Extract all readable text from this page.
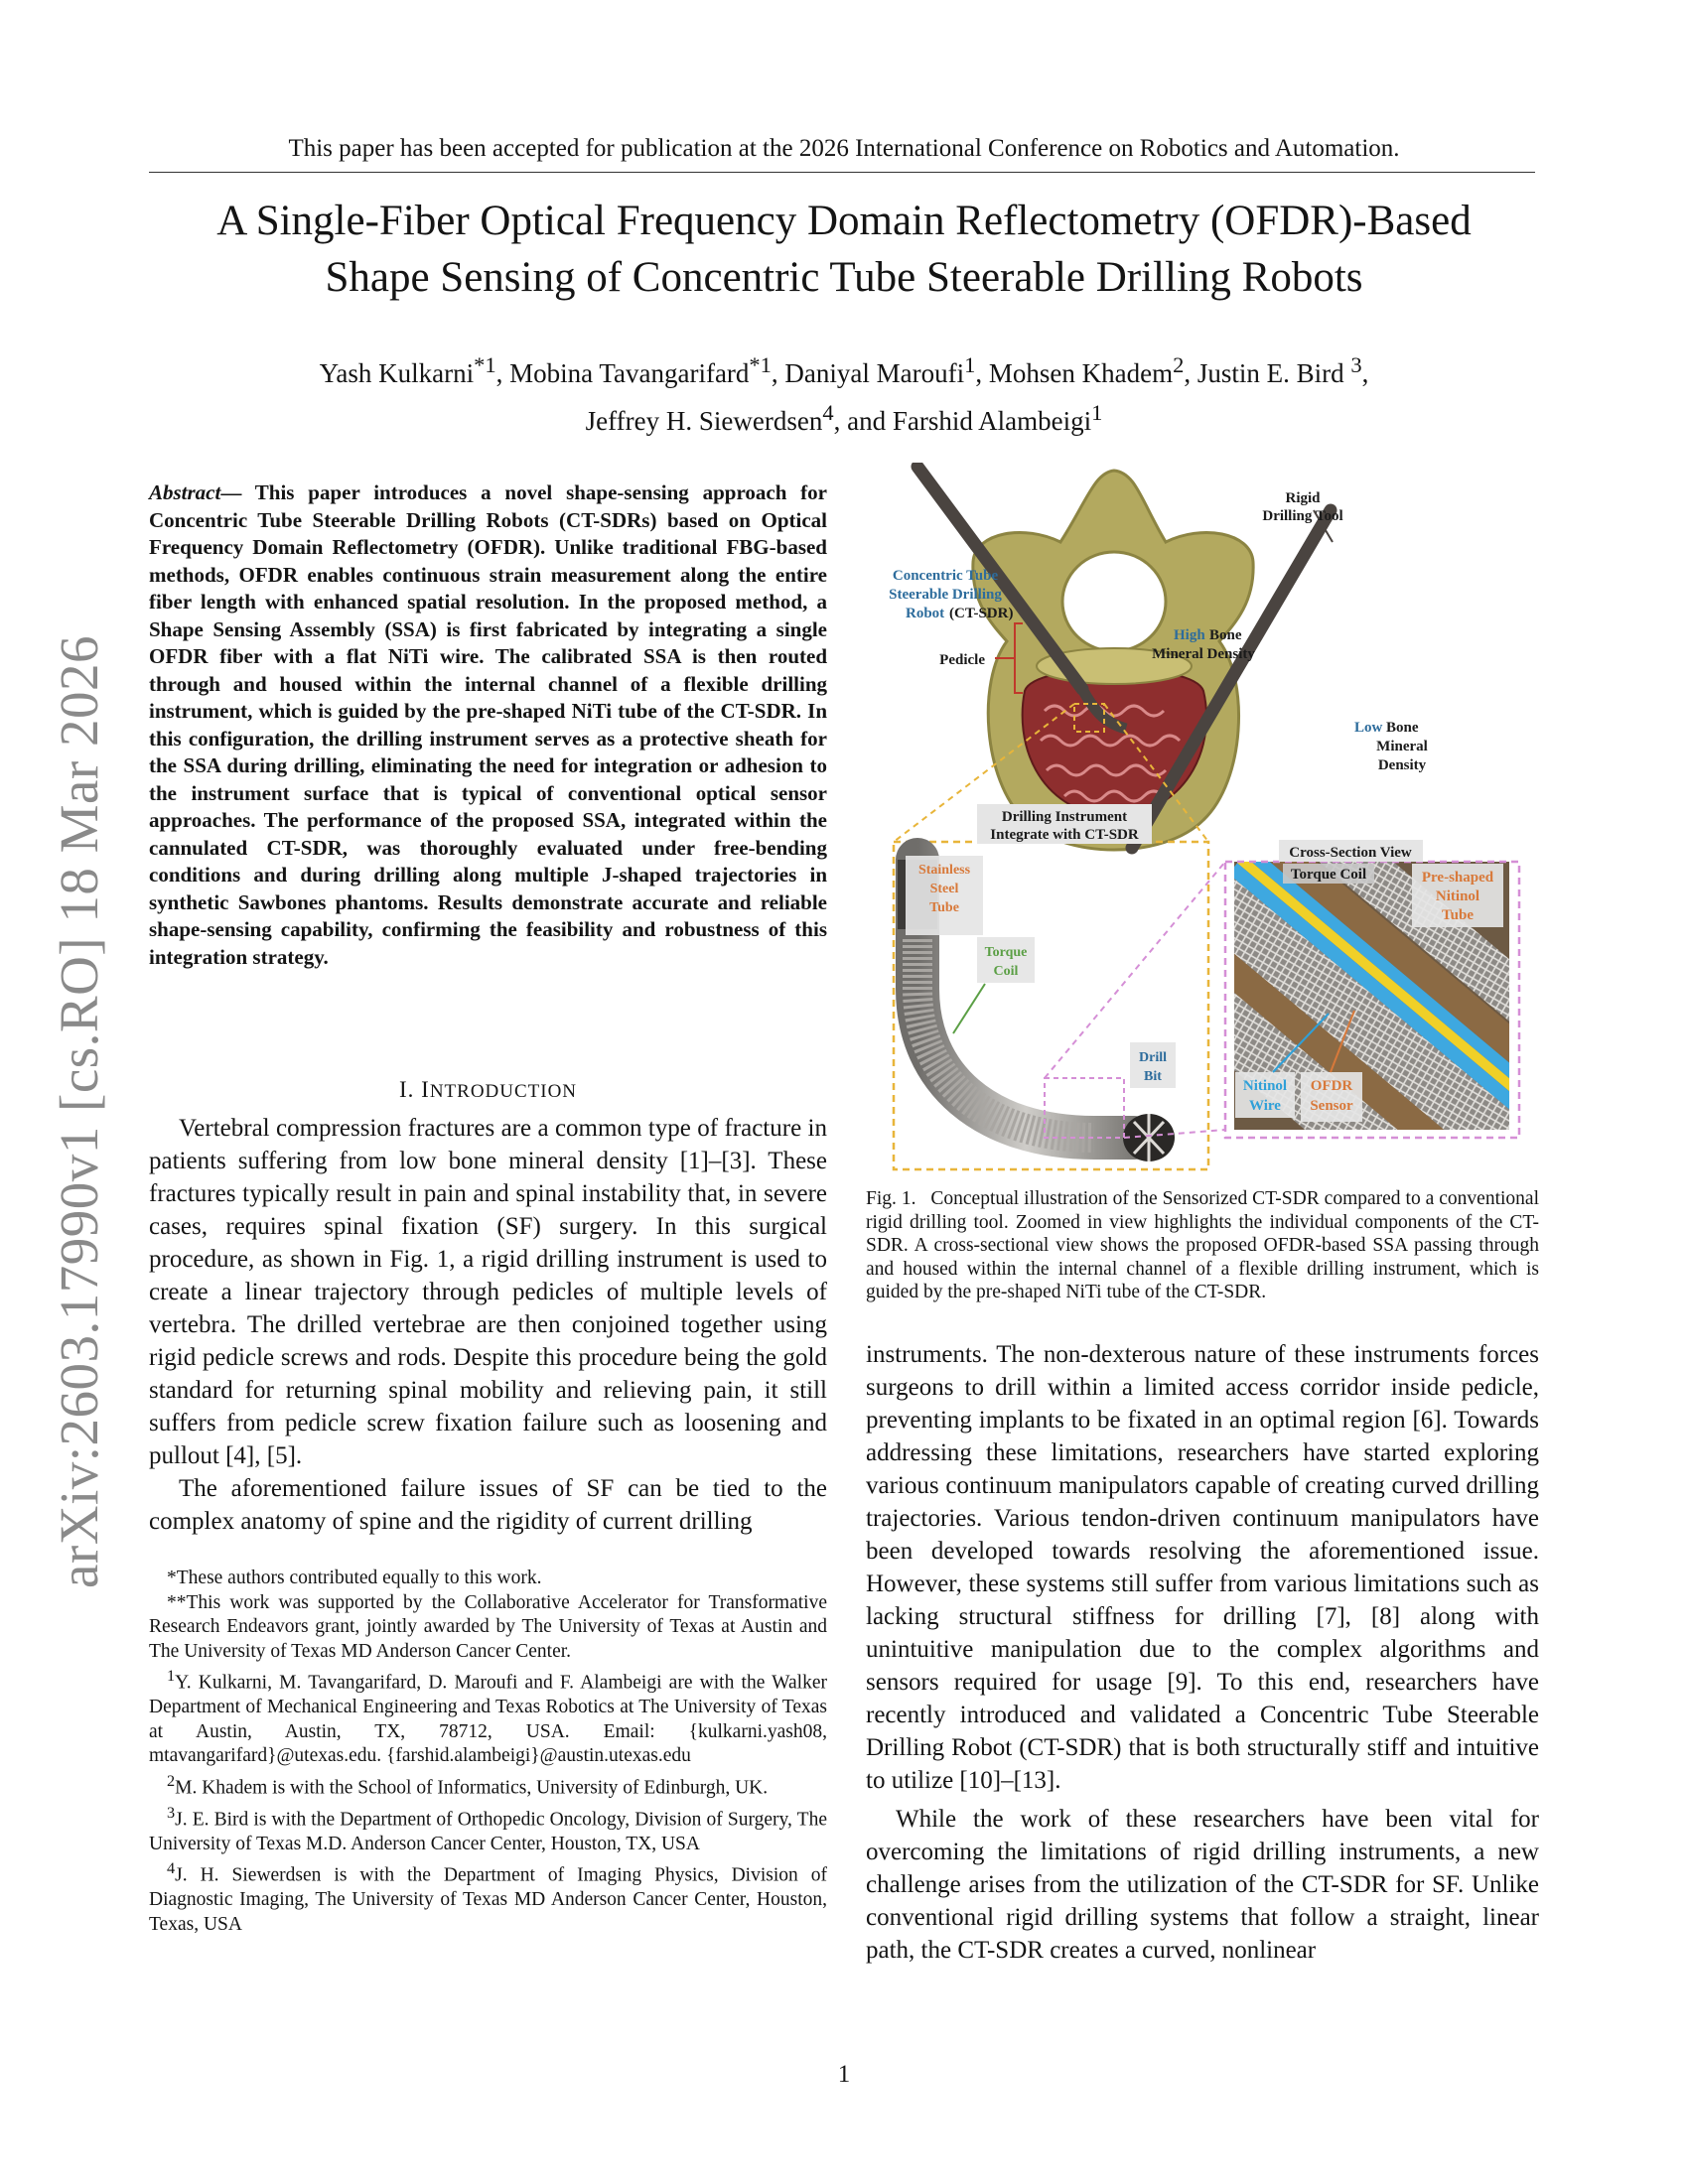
This paper has been accepted for publication at the 2026 International Conference on Robotics and Automation.
A Single-Fiber Optical Frequency Domain Reflectometry (OFDR)-Based
Shape Sensing of Concentric Tube Steerable Drilling Robots
Yash Kulkarni$^{*1}$, Mobina Tavangarifard$^{*1}$, Daniyal Maroufi$^1$, Mohsen Khadem$^2$, Justin E. Bird $^3$,
Jeffrey H. Siewerdsen$^4$, and Farshid Alambeigi$^1$
arXiv:2603.17990v1 [cs.RO] 18 Mar 2026
Abstract— This paper introduces a novel shape-sensing approach for Concentric Tube Steerable Drilling Robots (CT-SDRs) based on Optical Frequency Domain Reflectometry (OFDR). Unlike traditional FBG-based methods, OFDR enables continuous strain measurement along the entire fiber length with enhanced spatial resolution. In the proposed method, a Shape Sensing Assembly (SSA) is first fabricated by integrating a single OFDR fiber with a flat NiTi wire. The calibrated SSA is then routed through and housed within the internal channel of a flexible drilling instrument, which is guided by the pre-shaped NiTi tube of the CT-SDR. In this configuration, the drilling instrument serves as a protective sheath for the SSA during drilling, eliminating the need for integration or adhesion to the instrument surface that is typical of conventional optical sensor approaches. The performance of the proposed SSA, integrated within the cannulated CT-SDR, was thoroughly evaluated under free-bending conditions and during drilling along multiple J-shaped trajectories in synthetic Sawbones phantoms. Results demonstrate accurate and reliable shape-sensing capability, confirming the feasibility and robustness of this integration strategy.
I. INTRODUCTION

Vertebral compression fractures are a common type of fracture in patients suffering from low bone mineral density [1]–[3]. These fractures typically result in pain and spinal instability that, in severe cases, requires spinal fixation (SF) surgery. In this surgical procedure, as shown in Fig. 1, a rigid drilling instrument is used to create a linear trajectory through pedicles of multiple levels of vertebra. The drilled vertebrae are then conjoined together using rigid pedicle screws and rods. Despite this procedure being the gold standard for returning spinal mobility and relieving pain, it still suffers from pedicle screw fixation failure such as loosening and pullout [4], [5].

The aforementioned failure issues of SF can be tied to the complex anatomy of spine and the rigidity of current drilling

*These authors contributed equally to this work.

**This work was supported by the Collaborative Accelerator for Transformative Research Endeavors grant, jointly awarded by The University of Texas at Austin and The University of Texas MD Anderson Cancer Center.

$^1$Y. Kulkarni, M. Tavangarifard, D. Maroufi and F. Alambeigi are with the Walker Department of Mechanical Engineering and Texas Robotics at The University of Texas at Austin, Austin, TX, 78712, USA. Email: {kulkarni.yash08, mtavangarifard}@utexas.edu. {farshid.alambeigi}@austin.utexas.edu

$^2$M. Khadem is with the School of Informatics, University of Edinburgh, UK.

$^3$J. E. Bird is with the Department of Orthopedic Oncology, Division of Surgery, The University of Texas M.D. Anderson Cancer Center, Houston, TX, USA

$^4$J. H. Siewerdsen is with the Department of Imaging Physics, Division of Diagnostic Imaging, The University of Texas MD Anderson Cancer Center, Houston, Texas, USA

Rigid
Drilling Tool
Concentric Tube
Steerable Drilling
Robot (CT-SDR)
Pedicle
High Bone
Mineral Density
Low Bone
Mineral
Density
Drilling Instrument
Integrate with CT-SDR
Stainless
Steel
Tube
Torque
Coil
Drill
Bit
Cross-Section View
Torque Coil	Pre-shaped
Nitinol
Tube
Nitinol
Wire
OFDR
Sensor
Fig. 1. Conceptual illustration of the Sensorized CT-SDR compared to a conventional rigid drilling tool. Zoomed in view highlights the individual components of the CT-SDR. A cross-sectional view shows the proposed OFDR-based SSA passing through and housed within the internal channel of a flexible drilling instrument, which is guided by the pre-shaped NiTi tube of the CT-SDR.

instruments. The non-dexterous nature of these instruments forces surgeons to drill within a limited access corridor inside pedicle, preventing implants to be fixated in an optimal region [6]. Towards addressing these limitations, researchers have started exploring various continuum manipulators capable of creating curved drilling trajectories. Various tendon-driven continuum manipulators have been developed towards resolving the aforementioned issue. However, these systems still suffer from various limitations such as lacking structural stiffness for drilling [7], [8] along with unintuitive manipulation due to the complex algorithms and sensors required for usage [9]. To this end, researchers have recently introduced and validated a Concentric Tube Steerable Drilling Robot (CT-SDR) that is both structurally stiff and intuitive to utilize [10]–[13].

While the work of these researchers have been vital for overcoming the limitations of rigid drilling instruments, a new challenge arises from the utilization of the CT-SDR for SF. Unlike conventional rigid drilling systems that follow a straight, linear path, the CT-SDR creates a curved, nonlinear

1
